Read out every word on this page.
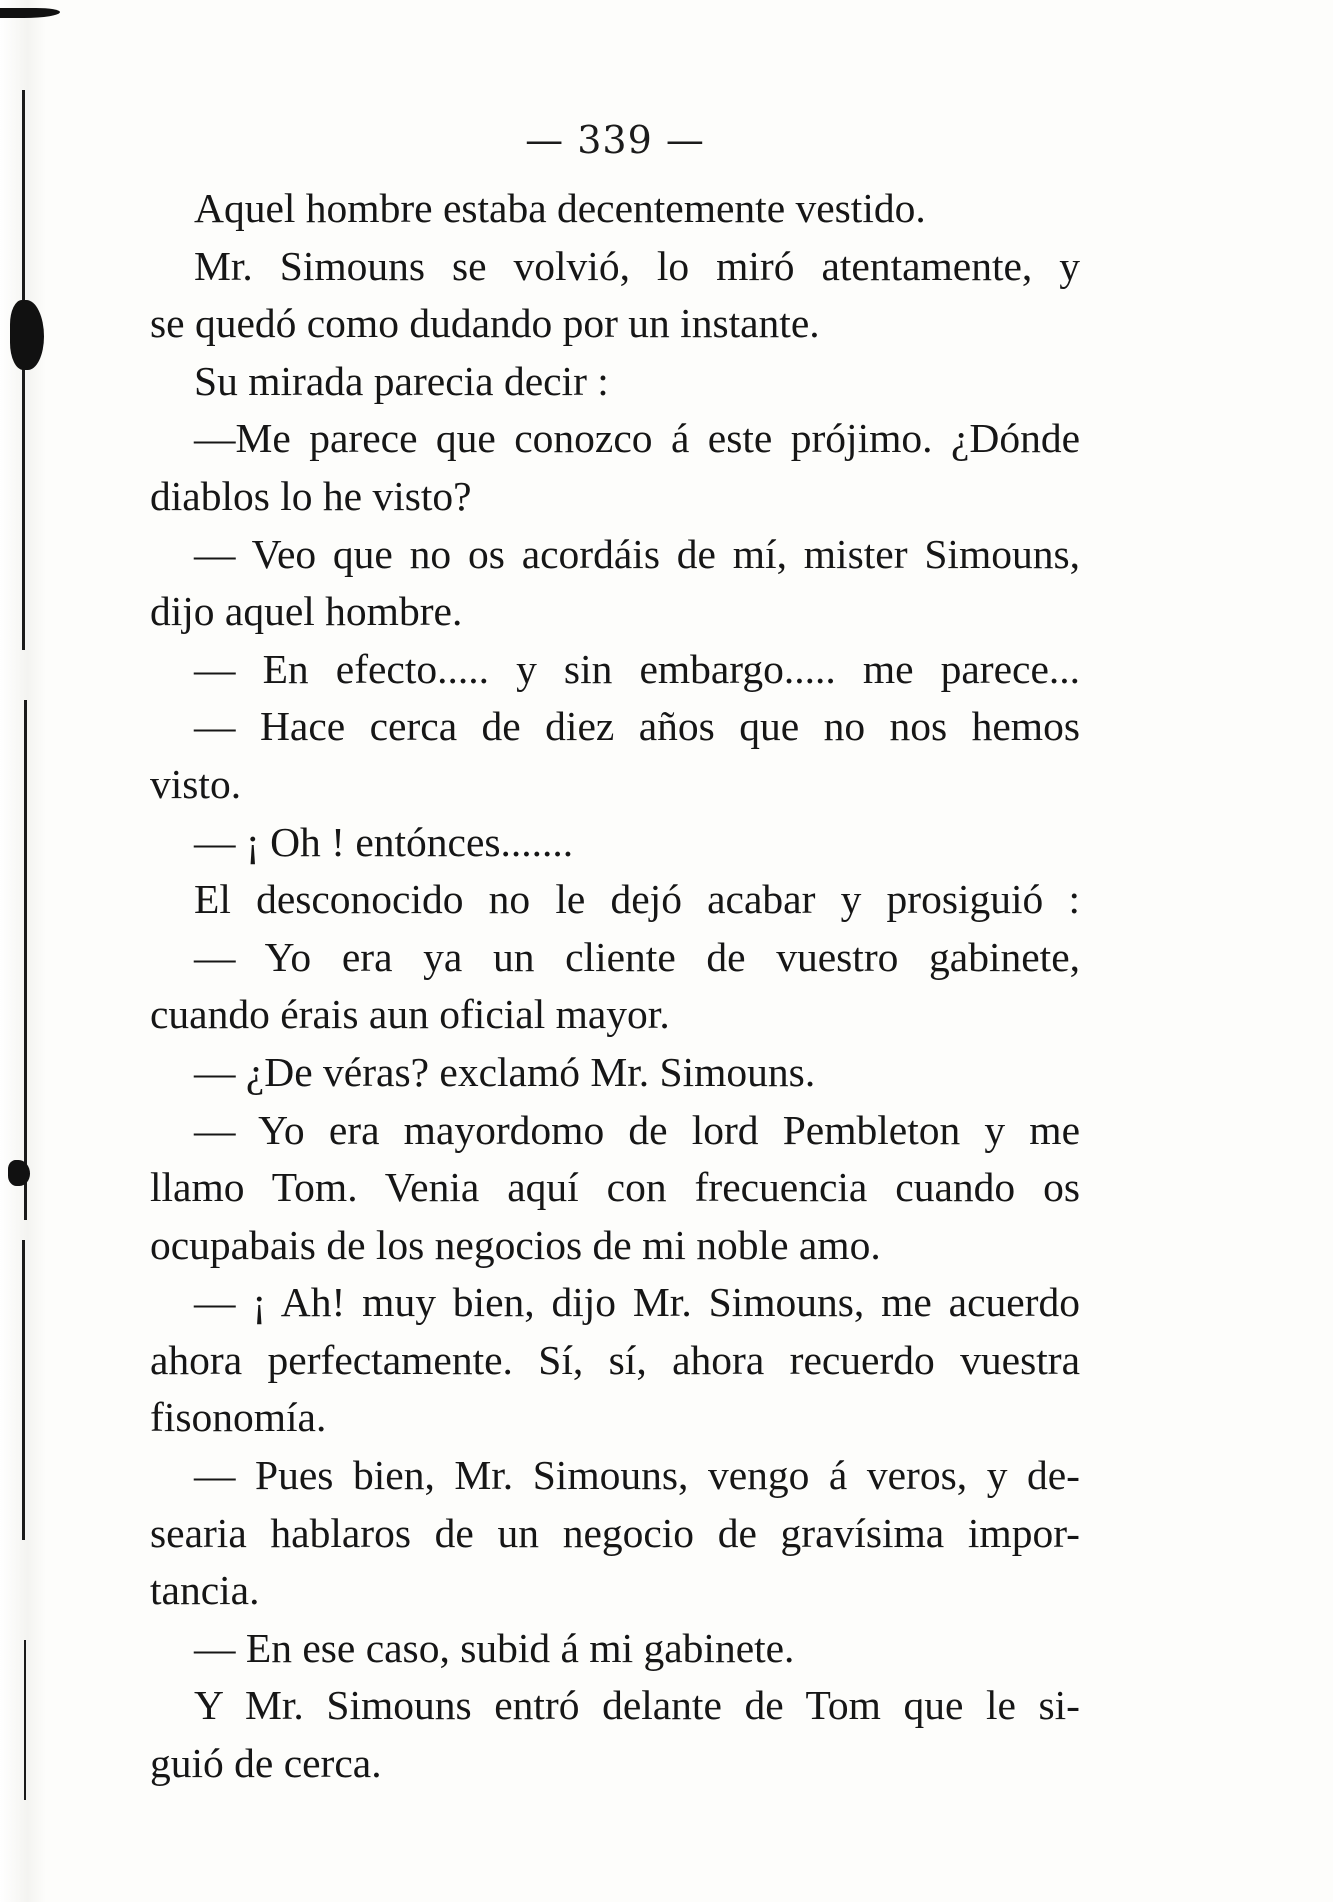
— 339 —
Aquel hombre estaba decentemente vestido.
Mr. Simouns se volvió, lo miró atentamente, y
se quedó como dudando por un instante.
Su mirada parecia decir :
—Me parece que conozco á este prójimo. ¿Dónde
diablos lo he visto?
— Veo que no os acordáis de mí, mister Simouns,
dijo aquel hombre.
— En efecto..... y sin embargo..... me parece...
— Hace cerca de diez años que no nos hemos
visto.
— ¡ Oh ! entónces.......
El desconocido no le dejó acabar y prosiguió :
— Yo era ya un cliente de vuestro gabinete,
cuando érais aun oficial mayor.
— ¿De véras? exclamó Mr. Simouns.
— Yo era mayordomo de lord Pembleton y me
llamo Tom. Venia aquí con frecuencia cuando os
ocupabais de los negocios de mi noble amo.
— ¡ Ah! muy bien, dijo Mr. Simouns, me acuerdo
ahora perfectamente. Sí, sí, ahora recuerdo vuestra
fisonomía.
— Pues bien, Mr. Simouns, vengo á veros, y de-
searia hablaros de un negocio de gravísima impor-
tancia.
— En ese caso, subid á mi gabinete.
Y Mr. Simouns entró delante de Tom que le si-
guió de cerca.
